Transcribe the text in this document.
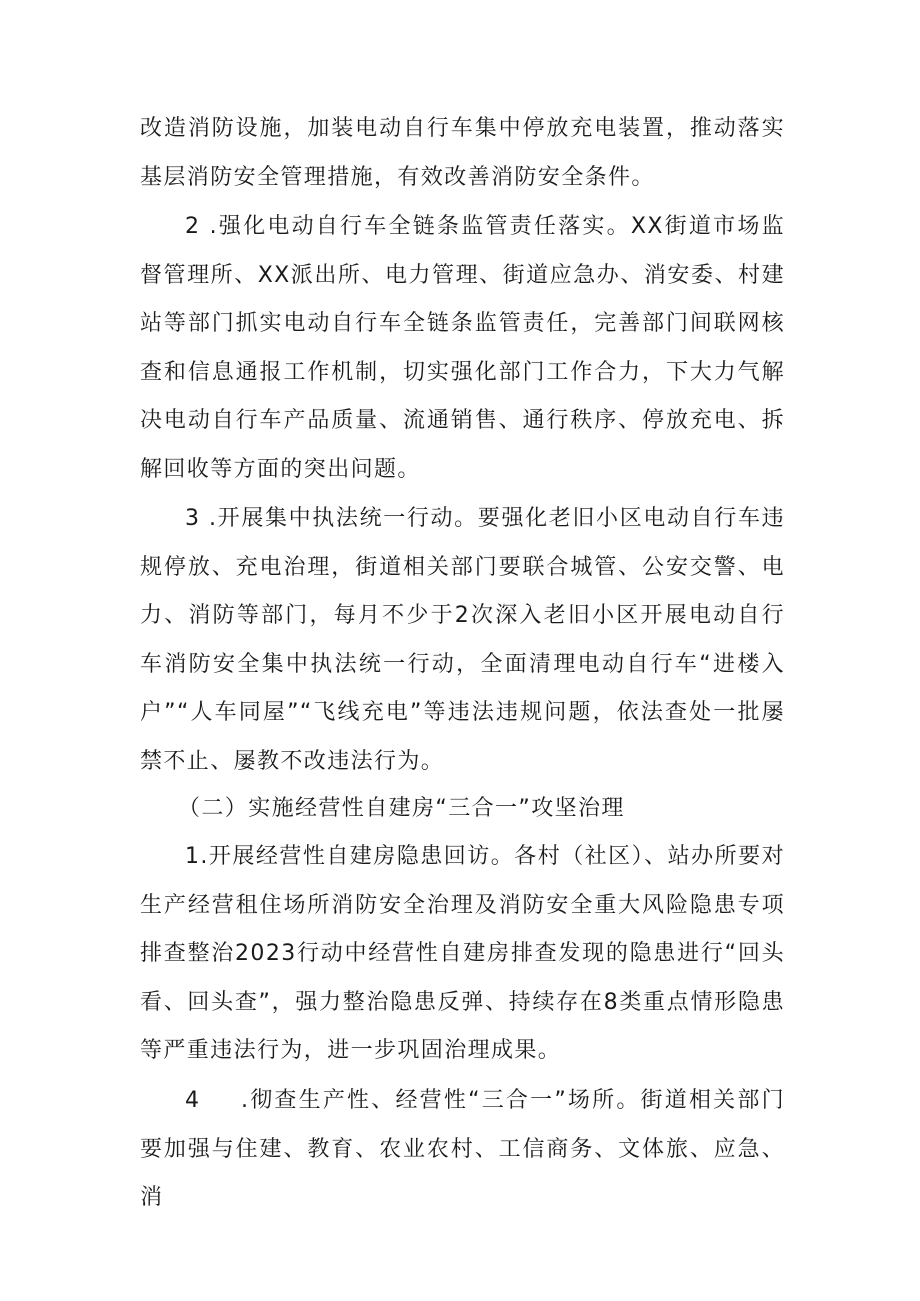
改造消防设施，加装电动自行车集中停放充电装置，推动落实基层消防安全管理措施，有效改善消防安全条件。

2 .强化电动自行车全链条监管责任落实。XX街道市场监督管理所、XX派出所、电力管理、街道应急办、消安委、村建站等部门抓实电动自行车全链条监管责任，完善部门间联网核查和信息通报工作机制，切实强化部门工作合力，下大力气解决电动自行车产品质量、流通销售、通行秩序、停放充电、拆解回收等方面的突出问题。

3 .开展集中执法统一行动。要强化老旧小区电动自行车违规停放、充电治理，街道相关部门要联合城管、公安交警、电力、消防等部门，每月不少于2次深入老旧小区开展电动自行车消防安全集中执法统一行动，全面清理电动自行车“进楼入户”“人车同屋”“飞线充电”等违法违规问题，依法查处一批屡禁不止、屡教不改违法行为。

（二）实施经营性自建房“三合一”攻坚治理

1.开展经营性自建房隐患回访。各村（社区）、站办所要对生产经营租住场所消防安全治理及消防安全重大风险隐患专项排查整治2023行动中经营性自建房排查发现的隐患进行“回头看、回头查”，强力整治隐患反弹、持续存在8类重点情形隐患等严重违法行为，进一步巩固治理成果。

4 .彻查生产性、经营性“三合一”场所。街道相关部门要加强与住建、教育、农业农村、工信商务、文体旅、应急、消
